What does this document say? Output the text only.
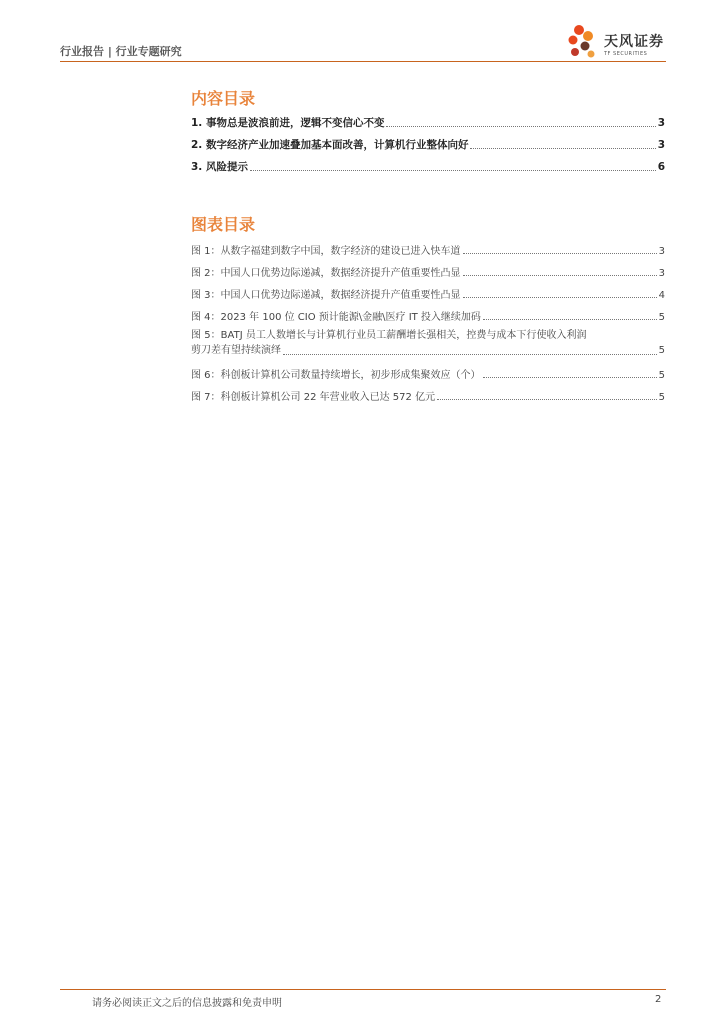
行业报告 | 行业专题研究
天风证券
TF SECURITIES
内容目录
1. 事物总是波浪前进，逻辑不变信心不变	3
2. 数字经济产业加速叠加基本面改善，计算机行业整体向好	3
3. 风险提示	6
图表目录
图 1：从数字福建到数字中国，数字经济的建设已进入快车道	3
图 2：中国人口优势边际递减，数据经济提升产值重要性凸显	3
图 3：中国人口优势边际递减，数据经济提升产值重要性凸显	4
图 4：2023 年 100 位 CIO 预计能源\金融\医疗 IT 投入继续加码	5
图 5：BATJ 员工人数增长与计算机行业员工薪酬增长强相关，控费与成本下行使收入利润
剪刀差有望持续演绎	5
图 6：科创板计算机公司数量持续增长，初步形成集聚效应（个）	5
图 7：科创板计算机公司 22 年营业收入已达 572 亿元	5
请务必阅读正文之后的信息披露和免责申明	2
